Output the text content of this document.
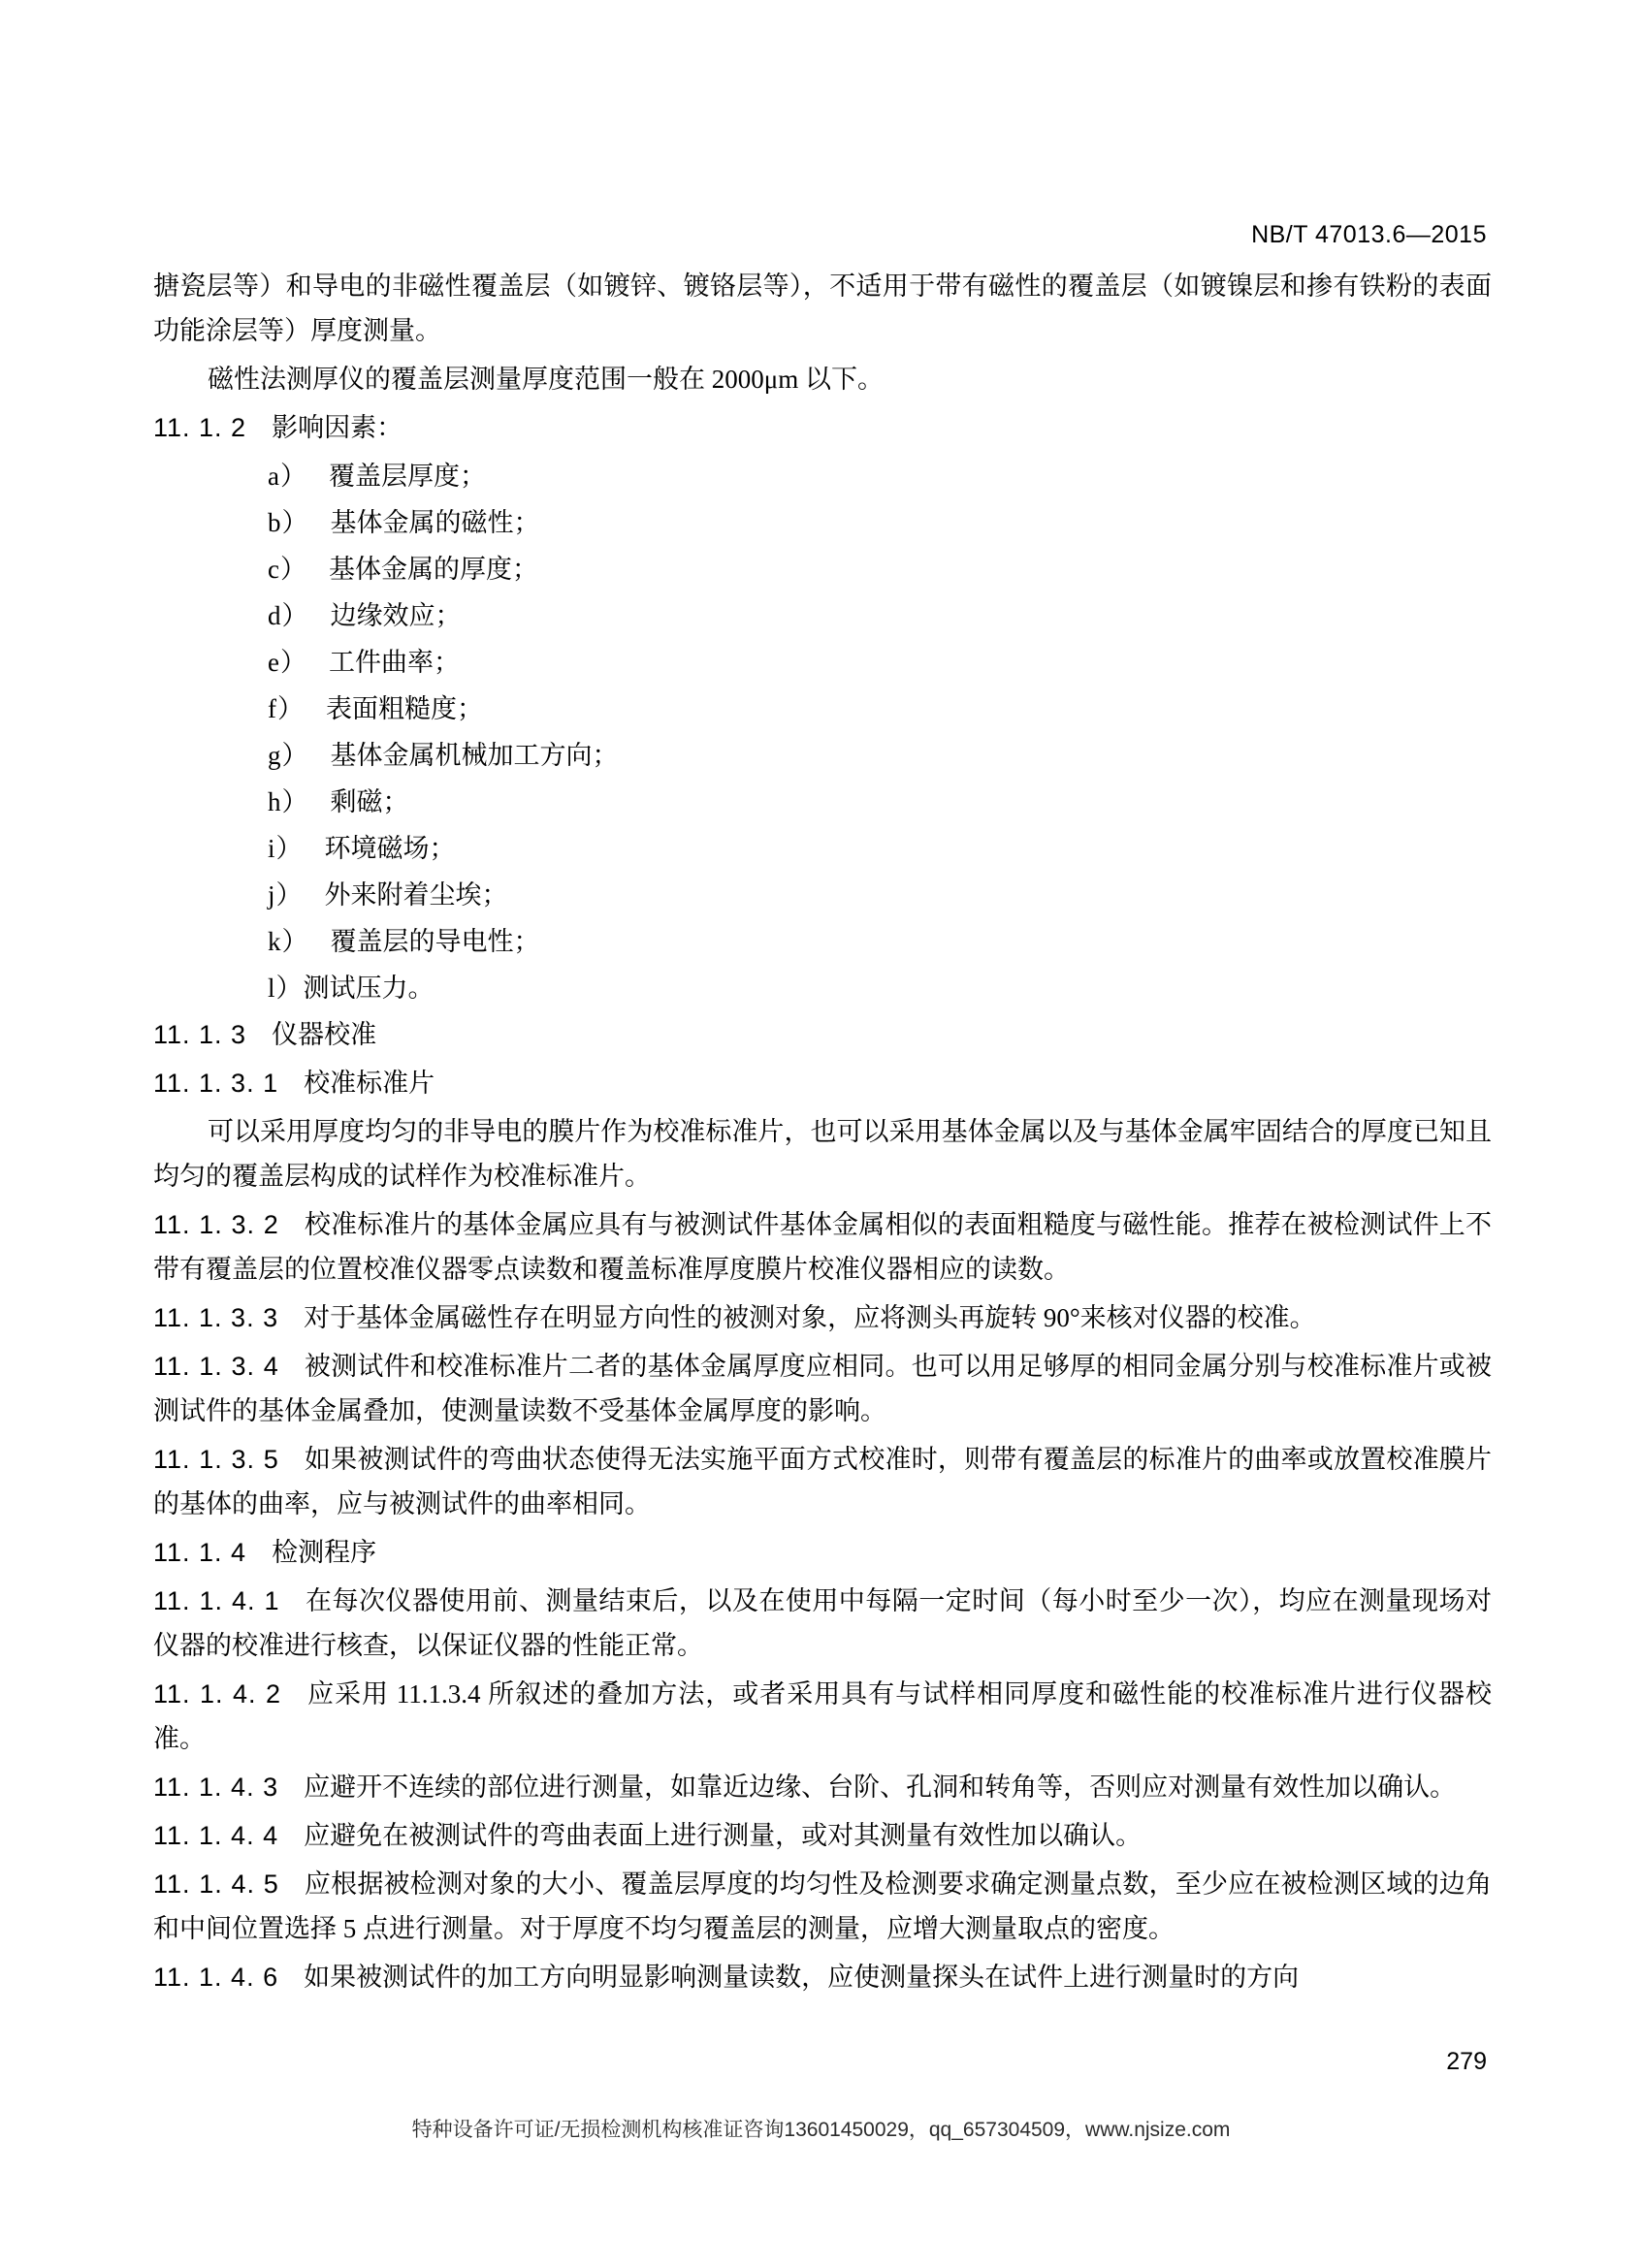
NB/T 47013.6—2015

搪瓷层等）和导电的非磁性覆盖层（如镀锌、镀铬层等），不适用于带有磁性的覆盖层（如镀镍层和掺有铁粉的表面功能涂层等）厚度测量。

磁性法测厚仪的覆盖层测量厚度范围一般在 2000μm 以下。

11. 1. 2 影响因素：
a） 覆盖层厚度；
b） 基体金属的磁性；
c） 基体金属的厚度；
d） 边缘效应；
e） 工件曲率；
f） 表面粗糙度；
g） 基体金属机械加工方向；
h） 剩磁；
i） 环境磁场；
j） 外来附着尘埃；
k） 覆盖层的导电性；
l）测试压力。
11. 1. 3 仪器校准
11. 1. 3. 1 校准标准片

可以采用厚度均匀的非导电的膜片作为校准标准片，也可以采用基体金属以及与基体金属牢固结合的厚度已知且均匀的覆盖层构成的试样作为校准标准片。

11. 1. 3. 2 校准标准片的基体金属应具有与被测试件基体金属相似的表面粗糙度与磁性能。推荐在被检测试件上不带有覆盖层的位置校准仪器零点读数和覆盖标准厚度膜片校准仪器相应的读数。
11. 1. 3. 3 对于基体金属磁性存在明显方向性的被测对象，应将测头再旋转 90°来核对仪器的校准。
11. 1. 3. 4 被测试件和校准标准片二者的基体金属厚度应相同。也可以用足够厚的相同金属分别与校准标准片或被测试件的基体金属叠加，使测量读数不受基体金属厚度的影响。
11. 1. 3. 5 如果被测试件的弯曲状态使得无法实施平面方式校准时，则带有覆盖层的标准片的曲率或放置校准膜片的基体的曲率，应与被测试件的曲率相同。
11. 1. 4 检测程序
11. 1. 4. 1 在每次仪器使用前、测量结束后，以及在使用中每隔一定时间（每小时至少一次），均应在测量现场对仪器的校准进行核查，以保证仪器的性能正常。
11. 1. 4. 2 应采用 11.1.3.4 所叙述的叠加方法，或者采用具有与试样相同厚度和磁性能的校准标准片进行仪器校准。
11. 1. 4. 3 应避开不连续的部位进行测量，如靠近边缘、台阶、孔洞和转角等，否则应对测量有效性加以确认。
11. 1. 4. 4 应避免在被测试件的弯曲表面上进行测量，或对其测量有效性加以确认。
11. 1. 4. 5 应根据被检测对象的大小、覆盖层厚度的均匀性及检测要求确定测量点数，至少应在被检测区域的边角和中间位置选择 5 点进行测量。对于厚度不均匀覆盖层的测量，应增大测量取点的密度。
11. 1. 4. 6 如果被测试件的加工方向明显影响测量读数，应使测量探头在试件上进行测量时的方向
279
特种设备许可证/无损检测机构核准证咨询13601450029，qq_657304509，www.njsize.com
